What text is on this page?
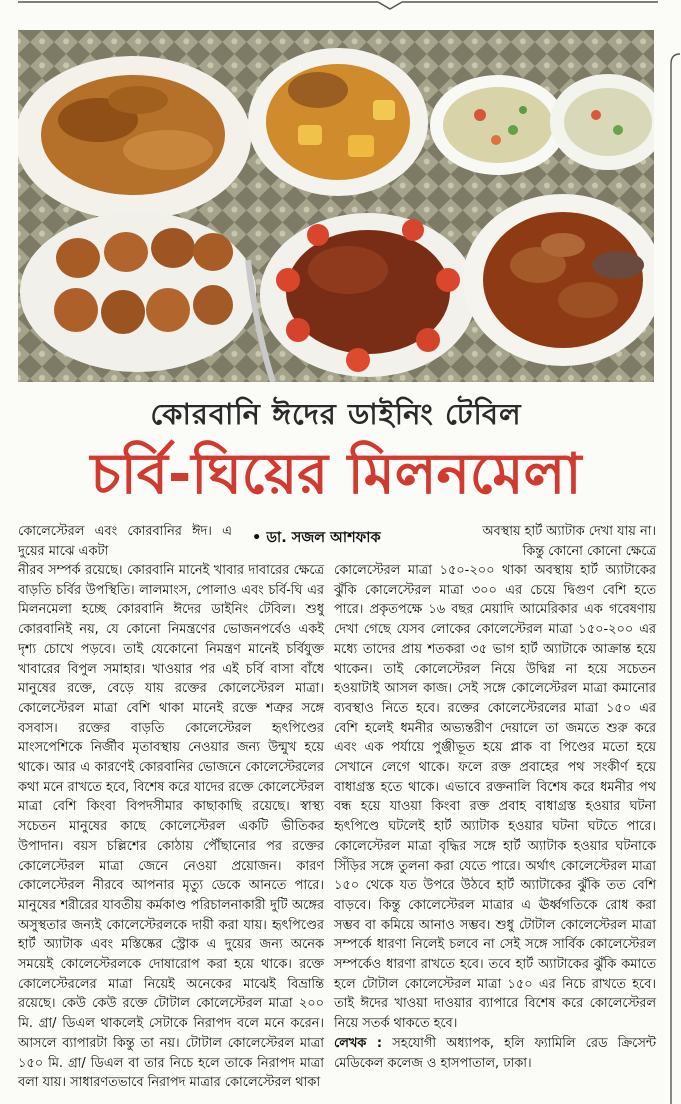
কোরবানি ঈদের ডাইনিং টেবিল
চর্বি-ঘিয়ের মিলনমেলা
• ডা. সজল আশফাক

কোলেস্টেরল এবং কোরবানির ঈদ। এ দুয়ের মাঝে একটা

নীরব সম্পর্ক রয়েছে। কোরবানি মানেই খাবার দাবারের ক্ষেত্রে বাড়তি চর্বির উপস্থিতি। লালমাংস, পোলাও এবং চর্বি-ঘি এর মিলনমেলা হচ্ছে কোরবানি ঈদের ডাইনিং টেবিল। শুধু কোরবানিই নয়, যে কোনো নিমন্ত্রণের ভোজনপর্বেও একই দৃশ্য চোখে পড়বে। তাই যেকোনো নিমন্ত্রণ মানেই চর্বিযুক্ত খাবারের বিপুল সমাহার। খাওয়ার পর এই চর্বি বাসা বাঁধে মানুষের রক্তে, বেড়ে যায় রক্তের কোলেস্টেরল মাত্রা। কোলেস্টেরল মাত্রা বেশি থাকা মানেই রক্তে শত্রুর সঙ্গে বসবাস। রক্তের বাড়তি কোলেস্টেরল হৃৎপিণ্ডের মাংসপেশিকে নির্জীব মৃতাবস্থায় নেওয়ার জন্য উন্মুখ হয়ে থাকে। আর এ কারণেই কোরবানির ভোজনে কোলেস্টেরলের কথা মনে রাখতে হবে, বিশেষ করে যাদের রক্তে কোলেস্টেরল মাত্রা বেশি কিংবা বিপদসীমার কাছাকাছি রয়েছে। স্বাস্থ্য সচেতন মানুষের কাছে কোলেস্টেরল একটি ভীতিকর উপাদান। বয়স চল্লিশের কোঠায় পৌঁছানোর পর রক্তের কোলেস্টেরল মাত্রা জেনে নেওয়া প্রয়োজন। কারণ কোলেস্টেরল নীরবে আপনার মৃত্যু ডেকে আনতে পারে। মানুষের শরীরের যাবতীয় কর্মকাণ্ড পরিচালনাকারী দুটি অঙ্গের অসুস্থতার জন্যই কোলেস্টেরলকে দায়ী করা যায়। হৃৎপিণ্ডের হার্ট অ্যাটাক এবং মস্তিষ্কের স্ট্রোক এ দুয়ের জন্য অনেক সময়েই কোলেস্টেরলকে দোষারোপ করা হয়ে থাকে। রক্তে কোলেস্টেরলের মাত্রা নিয়েই অনেকের মাঝেই বিভ্রান্তি রয়েছে। কেউ কেউ রক্তে টোটাল কোলেস্টেরল মাত্রা ২০০ মি. গ্রা/ ডিএল থাকলেই সেটাকে নিরাপদ বলে মনে করেন। আসলে ব্যাপারটা কিন্তু তা নয়। টোটাল কোলেস্টেরল মাত্রা ১৫০ মি. গ্রা/ ডিএল বা তার নিচে হলে তাকে নিরাপদ মাত্রা বলা যায়। সাধারণতভাবে নিরাপদ মাত্রার কোলেস্টেরল থাকা

অবস্থায় হার্ট অ্যাটাক দেখা যায় না। কিন্তু কোনো কোনো ক্ষেত্রে

কোলেস্টেরল মাত্রা ১৫০-২০০ থাকা অবস্থায় হার্ট অ্যাটাকের ঝুঁকি কোলেস্টেরল মাত্রা ৩০০ এর চেয়ে দ্বিগুণ বেশি হতে পারে। প্রকৃতপক্ষে ১৬ বছর মেয়াদি আমেরিকার এক গবেষণায় দেখা গেছে যেসব লোকের কোলেস্টেরল মাত্রা ১৫০-২০০ এর মধ্যে তাদের প্রায় শতকরা ৩৫ ভাগ হার্ট অ্যাটাকে আক্রান্ত হয়ে থাকেন। তাই কোলেস্টেরল নিয়ে উদ্বিগ্ন না হয়ে সচেতন হওয়াটাই আসল কাজ। সেই সঙ্গে কোলেস্টেরল মাত্রা কমানোর ব্যবস্থাও নিতে হবে। রক্তের কোলেস্টেরলের মাত্রা ১৫০ এর বেশি হলেই ধমনীর অভ্যন্তরীণ দেয়ালে তা জমতে শুরু করে এবং এক পর্যায়ে পুঞ্জীভূত হয়ে প্লাক বা পিণ্ডের মতো হয়ে সেখানে লেগে থাকে। ফলে রক্ত প্রবাহের পথ সংকীর্ণ হয়ে বাধাগ্রস্ত হতে থাকে। এভাবে রক্তনালি বিশেষ করে ধমনীর পথ বন্ধ হয়ে যাওয়া কিংবা রক্ত প্রবাহ বাধাগ্রস্ত হওয়ার ঘটনা হৃৎপিণ্ডে ঘটলেই হার্ট অ্যাটাক হওয়ার ঘটনা ঘটতে পারে। কোলেস্টেরল মাত্রা বৃদ্ধির সঙ্গে হার্ট অ্যাটাক হওয়ার ঘটনাকে সিঁড়ির সঙ্গে তুলনা করা যেতে পারে। অর্থাৎ কোলেস্টেরল মাত্রা ১৫০ থেকে যত উপরে উঠবে হার্ট অ্যাটাকের ঝুঁকি তত বেশি বাড়বে। কিন্তু কোলেস্টেরল মাত্রার এ ঊর্ধ্বগতিকে রোধ করা সম্ভব বা কমিয়ে আনাও সম্ভব। শুধু টোটাল কোলেস্টেরল মাত্রা সম্পর্কে ধারণা নিলেই চলবে না সেই সঙ্গে সার্বিক কোলেস্টেরল সম্পর্কেও ধারণা রাখতে হবে। তবে হার্ট অ্যাটাকের ঝুঁকি কমাতে হলে টোটাল কোলেস্টেরল মাত্রা ১৫০ এর নিচে রাখতে হবে। তাই ঈদের খাওয়া দাওয়ার ব্যাপারে বিশেষ করে কোলেস্টেরল নিয়ে সতর্ক থাকতে হবে।

লেখক : সহযোগী অধ্যাপক, হলি ফ্যামিলি রেড ক্রিসেন্ট মেডিকেল কলেজ ও হাসপাতাল, ঢাকা।
